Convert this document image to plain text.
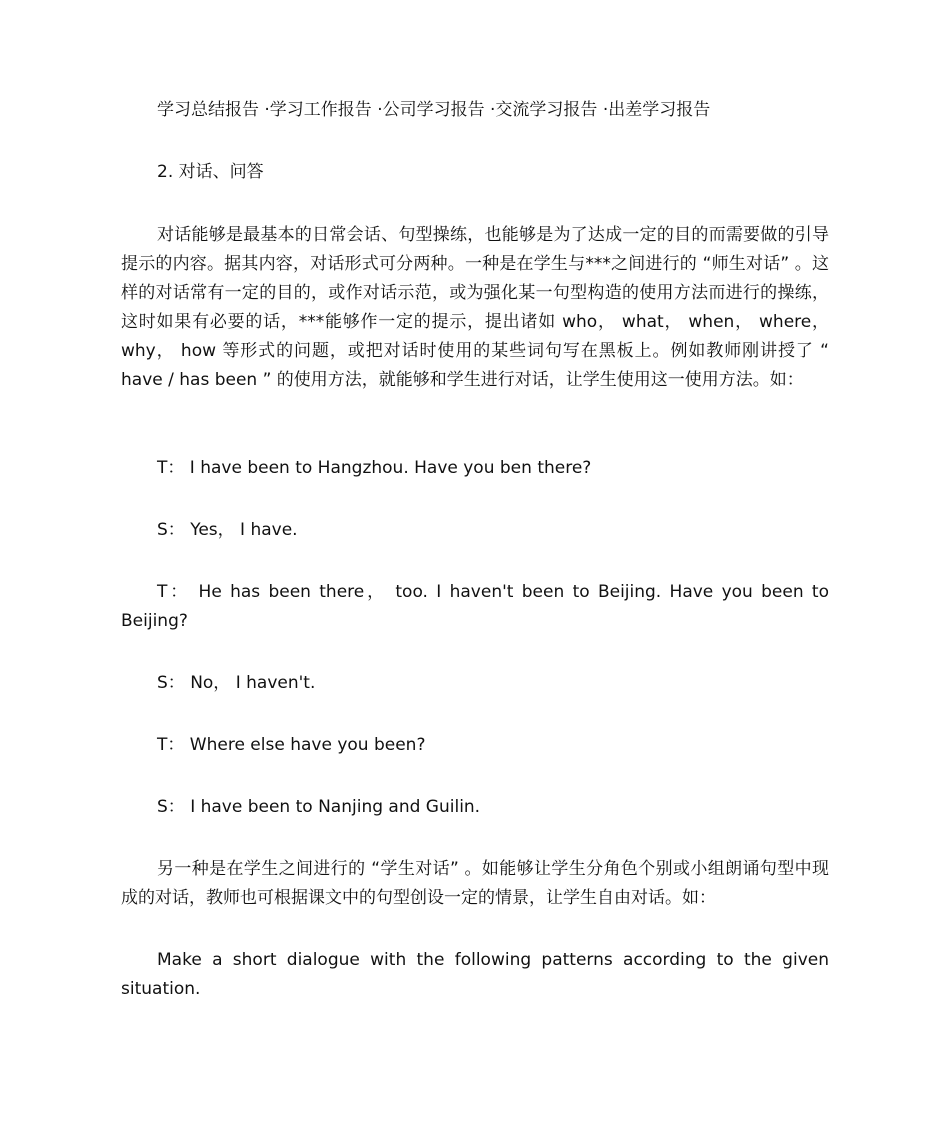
学习总结报告 ·学习工作报告 ·公司学习报告 ·交流学习报告 ·出差学习报告

2. 对话、问答

对话能够是最基本的日常会话、句型操练，也能够是为了达成一定的目的而需要做的引导提示的内容。据其内容，对话形式可分两种。一种是在学生与***之间进行的 “师生对话” 。这样的对话常有一定的目的，或作对话示范，或为强化某一句型构造的使用方法而进行的操练，这时如果有必要的话，***能够作一定的提示，提出诸如 who， what， when， where， why， how 等形式的问题，或把对话时使用的某些词句写在黑板上。例如教师刚讲授了 “ have / has been ” 的使用方法，就能够和学生进行对话，让学生使用这一使用方法。如：

T： I have been to Hangzhou. Have you ben there?

S： Yes， I have.

T： He has been there， too. I haven't been to Beijing. Have you been to Beijing?

S： No， I haven't.

T： Where else have you been?

S： I have been to Nanjing and Guilin.

另一种是在学生之间进行的 “学生对话” 。如能够让学生分角色个别或小组朗诵句型中现成的对话，教师也可根据课文中的句型创设一定的情景，让学生自由对话。如：

Make a short dialogue with the following patterns according to the given situation.
